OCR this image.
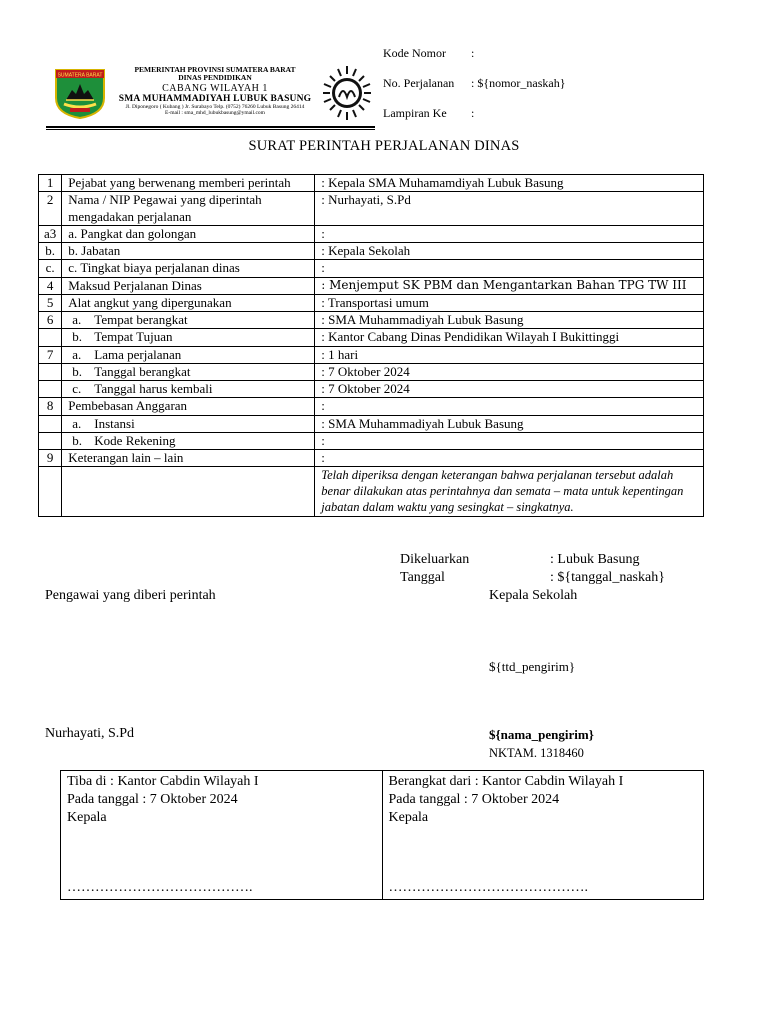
SUMATERA BARAT
PEMERINTAH PROVINSI SUMATERA BARAT
DINAS PENDIDIKAN
CABANG WILAYAH 1
SMA MUHAMMADIYAH LUBUK BASUNG
Jl. Diponegoro ( Kubang ) Jr. Surabayo Telp. (0752) 76260 Lubuk Basung 26414
E-mail : sma_mhd_lubukbasung@ymail.com
Kode Nomor :
No. Perjalanan : ${nomor_naskah}
Lampiran Ke :
SURAT PERINTAH PERJALANAN DINAS
1	Pejabat yang berwenang memberi perintah	: Kepala SMA Muhamamdiyah Lubuk Basung
2	Nama / NIP Pegawai yang diperintah mengadakan perjalanan	: Nurhayati, S.Pd
a3	a. Pangkat dan golongan	:
b.	b. Jabatan	: Kepala Sekolah
c.	c. Tingkat biaya perjalanan dinas	:
4	Maksud Perjalanan Dinas	: Menjemput SK PBM dan Mengantarkan Bahan TPG TW III
5	Alat angkut yang dipergunakan	: Transportasi umum
6	a. Tempat berangkat	: SMA Muhammadiyah Lubuk Basung
	b. Tempat Tujuan	: Kantor Cabang Dinas Pendidikan Wilayah I Bukittinggi
7	a. Lama perjalanan	: 1 hari
	b. Tanggal berangkat	: 7 Oktober 2024
	c. Tanggal harus kembali	: 7 Oktober 2024
8	Pembebasan Anggaran	:
	a. Instansi	: SMA Muhammadiyah Lubuk Basung
	b. Kode Rekening	:
9	Keterangan lain – lain	:
		Telah diperiksa dengan keterangan bahwa perjalanan tersebut adalah benar dilakukan atas perintahnya dan semata – mata untuk kepentingan jabatan dalam waktu yang sesingkat – singkatnya.
Dikeluarkan	: Lubuk Basung
Tanggal	: ${tanggal_naskah}
Pengawai yang diberi perintah	Kepala Sekolah
${ttd_pengirim}
Nurhayati, S.Pd	${nama_pengirim}
NKTAM. 1318460
Tiba di : Kantor Cabdin Wilayah I
Pada tanggal : 7 Oktober 2024
Kepala
………………………………….

Berangkat dari : Kantor Cabdin Wilayah I
Pada tanggal : 7 Oktober 2024
Kepala
…………………………………….
